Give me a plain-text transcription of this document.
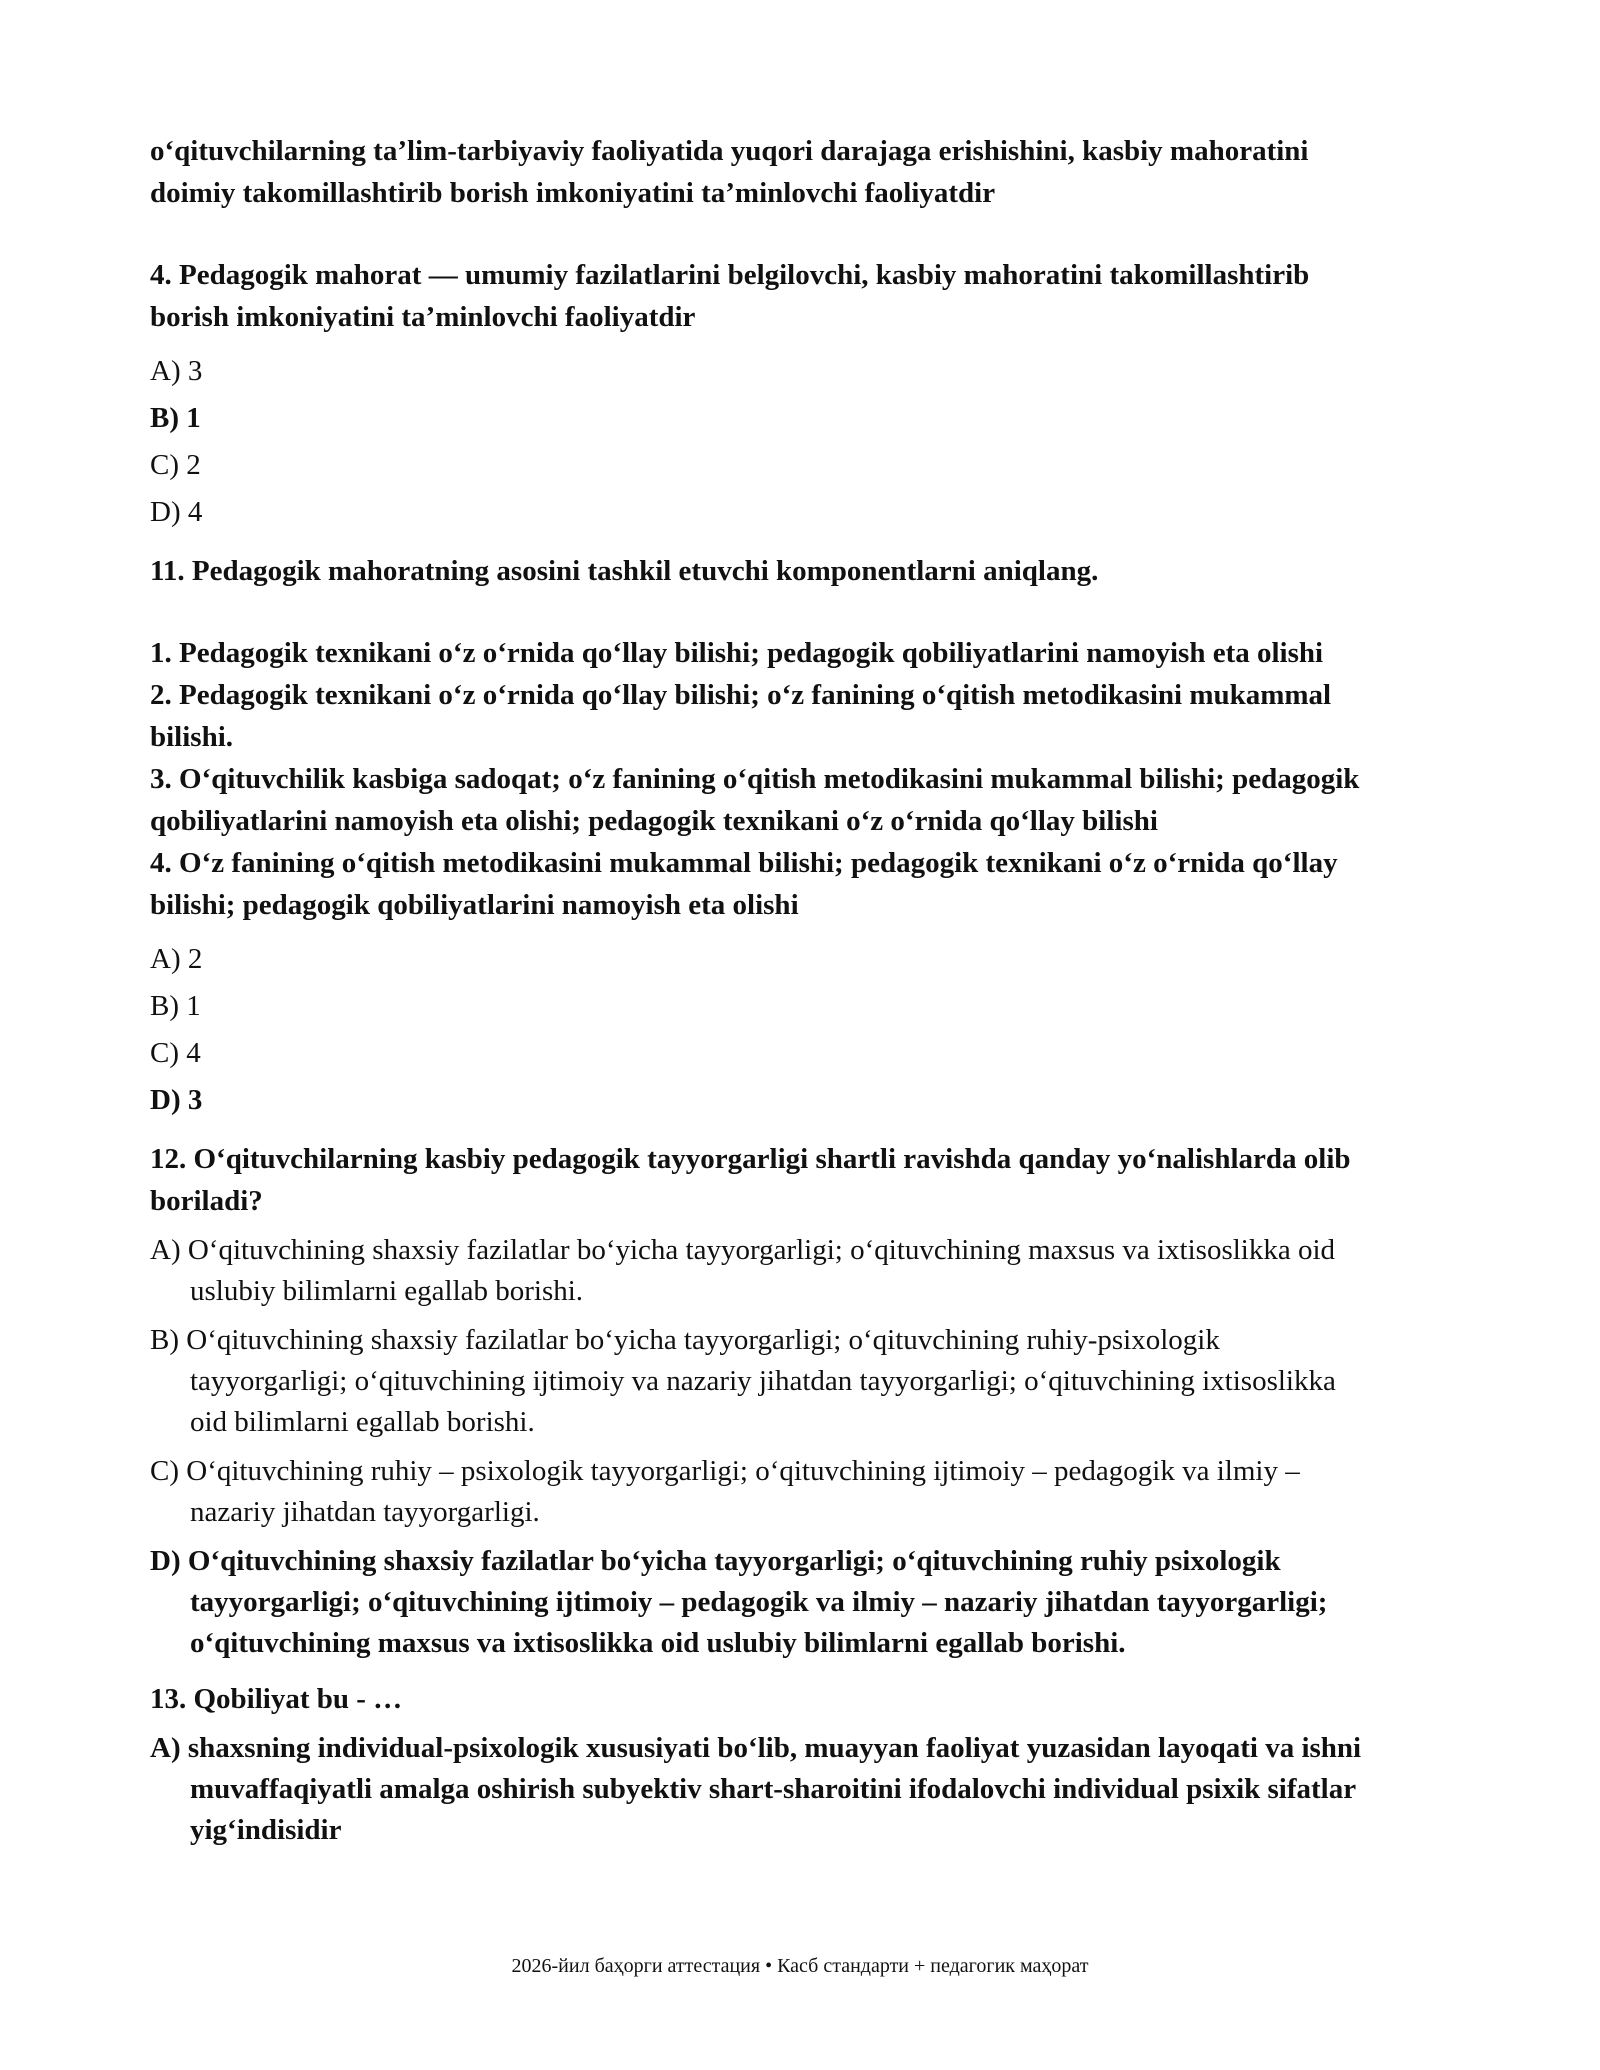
o‘qituvchilarning ta’lim-tarbiyaviy faoliyatida yuqori darajaga erishishini, kasbiy mahoratini
doimiy takomillashtirib borish imkoniyatini ta’minlovchi faoliyatdir

4. Pedagogik mahorat — umumiy fazilatlarini belgilovchi, kasbiy mahoratini takomillashtirib
borish imkoniyatini ta’minlovchi faoliyatdir

A) 3

B) 1

C) 2

D) 4

11. Pedagogik mahoratning asosini tashkil etuvchi komponentlarni aniqlang.

1. Pedagogik texnikani o‘z o‘rnida qo‘llay bilishi; pedagogik qobiliyatlarini namoyish eta olishi
2. Pedagogik texnikani o‘z o‘rnida qo‘llay bilishi; o‘z fanining o‘qitish metodikasini mukammal
bilishi.
3. O‘qituvchilik kasbiga sadoqat; o‘z fanining o‘qitish metodikasini mukammal bilishi; pedagogik
qobiliyatlarini namoyish eta olishi; pedagogik texnikani o‘z o‘rnida qo‘llay bilishi
4. O‘z fanining o‘qitish metodikasini mukammal bilishi; pedagogik texnikani o‘z o‘rnida qo‘llay
bilishi; pedagogik qobiliyatlarini namoyish eta olishi

A) 2

B) 1

C) 4

D) 3

12. O‘qituvchilarning kasbiy pedagogik tayyorgarligi shartli ravishda qanday yo‘nalishlarda olib
boriladi?

A) O‘qituvchining shaxsiy fazilatlar bo‘yicha tayyorgarligi; o‘qituvchining maxsus va ixtisoslikka oid
uslubiy bilimlarni egallab borishi.

B) O‘qituvchining shaxsiy fazilatlar bo‘yicha tayyorgarligi; o‘qituvchining ruhiy-psixologik
tayyorgarligi; o‘qituvchining ijtimoiy va nazariy jihatdan tayyorgarligi; o‘qituvchining ixtisoslikka
oid bilimlarni egallab borishi.

C) O‘qituvchining ruhiy – psixologik tayyorgarligi; o‘qituvchining ijtimoiy – pedagogik va ilmiy –
nazariy jihatdan tayyorgarligi.

D) O‘qituvchining shaxsiy fazilatlar bo‘yicha tayyorgarligi; o‘qituvchining ruhiy psixologik
tayyorgarligi; o‘qituvchining ijtimoiy – pedagogik va ilmiy – nazariy jihatdan tayyorgarligi;
o‘qituvchining maxsus va ixtisoslikka oid uslubiy bilimlarni egallab borishi.

13. Qobiliyat bu - …

A) shaxsning individual-psixologik xususiyati bo‘lib, muayyan faoliyat yuzasidan layoqati va ishni
muvaffaqiyatli amalga oshirish subyektiv shart-sharoitini ifodalovchi individual psixik sifatlar
yig‘indisidir

2026-йил баҳорги аттестация • Касб стандарти + педагогик маҳорат
